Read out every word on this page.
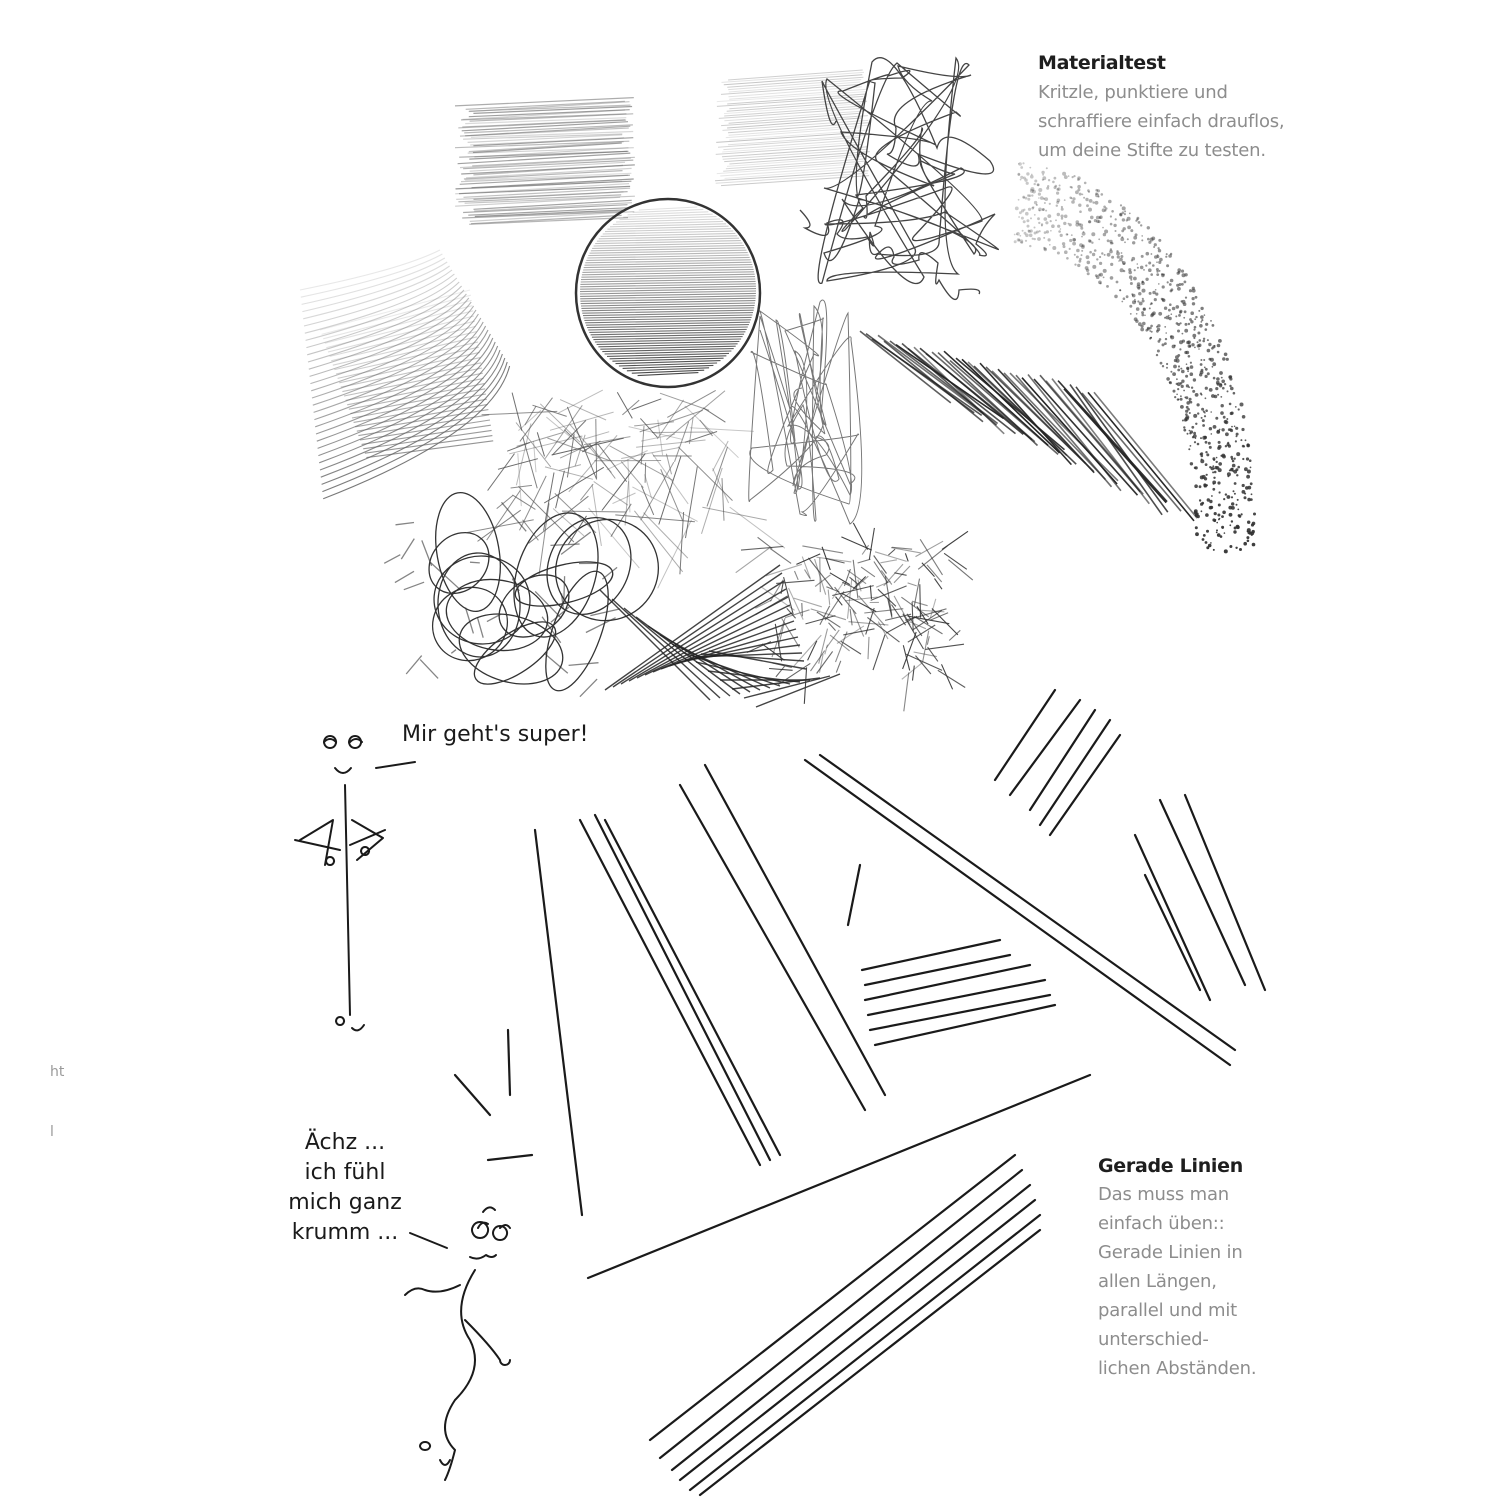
Materialtest
Kritzle, punktiere und
schraffiere einfach drauflos,
um deine Stifte zu testen.
Gerade Linien
Das muss man
einfach üben::
Gerade Linien in
allen Längen,
parallel und mit
unterschied-
lichen Abständen.
Mir geht's super!
Ächz ...
ich fühl
mich ganz
krumm ...
ht
l
